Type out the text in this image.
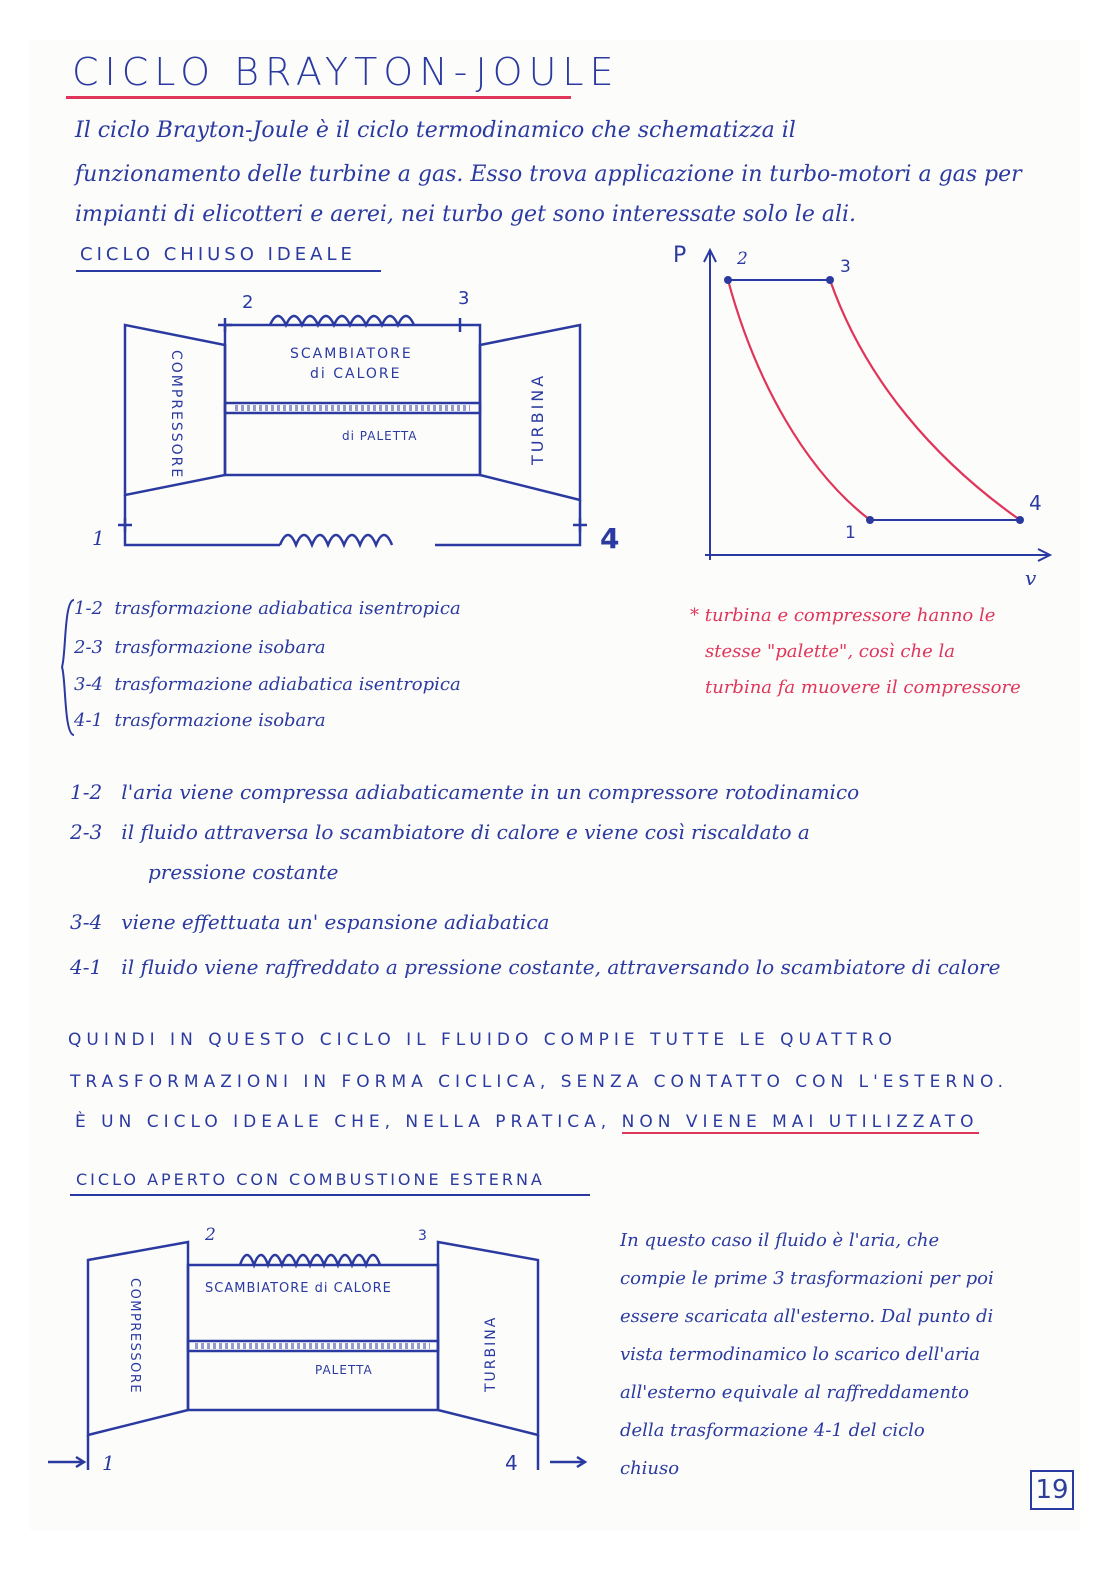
CICLO BRAYTON-JOULE
Il ciclo Brayton-Joule è il ciclo termodinamico che schematizza il
funzionamento delle turbine a gas. Esso trova applicazione in turbo-motori a gas per
impianti di elicotteri e aerei, nei turbo get sono interessate solo le ali.
CICLO CHIUSO IDEALE
2	3
1	4
SCAMBIATORE
di CALORE
di PALETTA
COMPRESSORE	TURBINA
P
v
2	3
1
4
1-2 trasformazione adiabatica isentropica
2-3 trasformazione isobara
3-4 trasformazione adiabatica isentropica
4-1 trasformazione isobara
* turbina e compressore hanno le
stesse "palette", così che la
turbina fa muovere il compressore
1-2 l'aria viene compressa adiabaticamente in un compressore rotodinamico
2-3 il fluido attraversa lo scambiatore di calore e viene così riscaldato a
pressione costante
3-4 viene effettuata un' espansione adiabatica
4-1 il fluido viene raffreddato a pressione costante, attraversando lo scambiatore di calore
QUINDI IN QUESTO CICLO IL FLUIDO COMPIE TUTTE LE QUATTRO
TRASFORMAZIONI IN FORMA CICLICA, SENZA CONTATTO CON L'ESTERNO.
È UN CICLO IDEALE CHE, NELLA PRATICA, NON VIENE MAI UTILIZZATO
CICLO APERTO CON COMBUSTIONE ESTERNA
2	3
1	4
SCAMBIATORE di CALORE
PALETTA
COMPRESSORE	TURBINA
In questo caso il fluido è l'aria, che
compie le prime 3 trasformazioni per poi
essere scaricata all'esterno. Dal punto di
vista termodinamico lo scarico dell'aria
all'esterno equivale al raffreddamento
della trasformazione 4-1 del ciclo
chiuso
19
